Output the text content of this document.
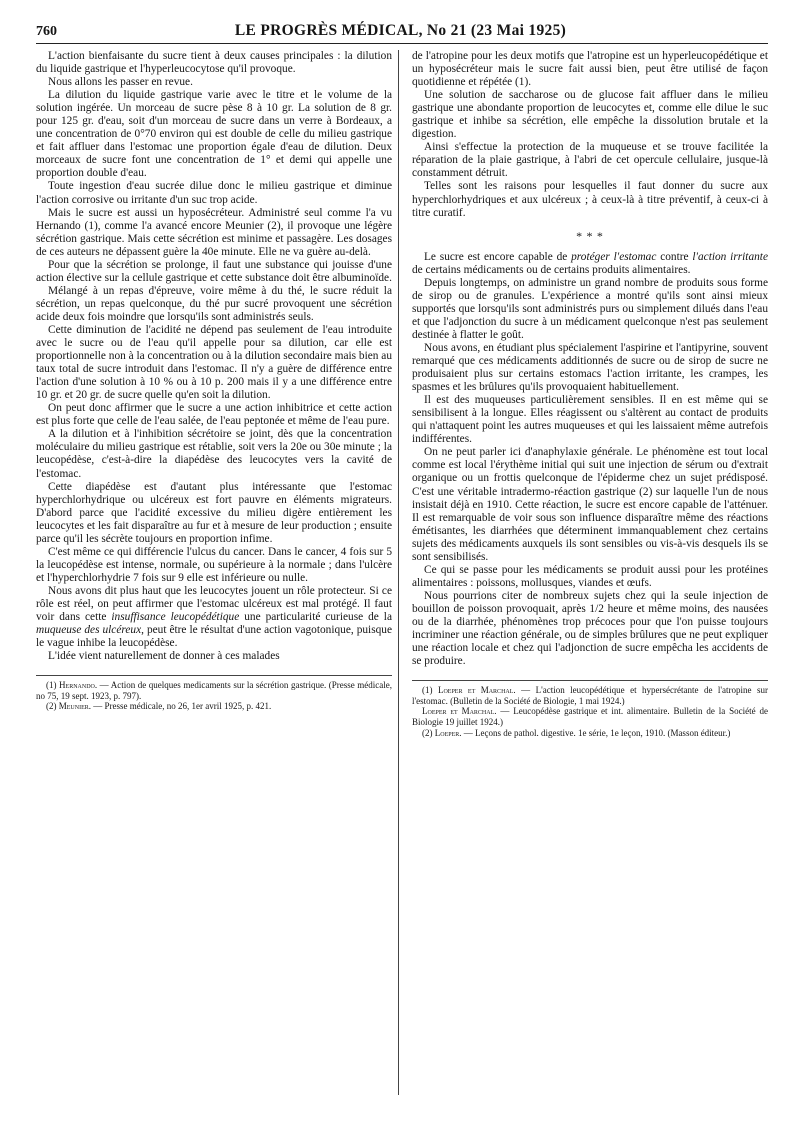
760	LE PROGRÈS MÉDICAL, No 21 (23 Mai 1925)

L'action bienfaisante du sucre tient à deux causes principales : la dilution du liquide gastrique et l'hyperleucocytose qu'il provoque.

Nous allons les passer en revue.

La dilution du liquide gastrique varie avec le titre et le volume de la solution ingérée. Un morceau de sucre pèse 8 à 10 gr. La solution de 8 gr. pour 125 gr. d'eau, soit d'un morceau de sucre dans un verre à Bordeaux, a une concentration de 0°70 environ qui est double de celle du milieu gastrique et fait affluer dans l'estomac une proportion égale d'eau de dilution. Deux morceaux de sucre font une concentration de 1° et demi qui appelle une proportion double d'eau.

Toute ingestion d'eau sucrée dilue donc le milieu gastrique et diminue l'action corrosive ou irritante d'un suc trop acide.

Mais le sucre est aussi un hyposécréteur. Administré seul comme l'a vu Hernando (1), comme l'a avancé encore Meunier (2), il provoque une légère sécrétion gastrique. Mais cette sécrétion est minime et passagère. Les dosages de ces auteurs ne dépassent guère la 40e minute. Elle ne va guère au-delà.

Pour que la sécrétion se prolonge, il faut une substance qui jouisse d'une action élective sur la cellule gastrique et cette substance doit être albuminoïde.

Mélangé à un repas d'épreuve, voire même à du thé, le sucre réduit la sécrétion, un repas quelconque, du thé pur sucré provoquent une sécrétion acide deux fois moindre que lorsqu'ils sont administrés seuls.

Cette diminution de l'acidité ne dépend pas seulement de l'eau introduite avec le sucre ou de l'eau qu'il appelle pour sa dilution, car elle est proportionnelle non à la concentration ou à la dilution secondaire mais bien au taux total de sucre introduit dans l'estomac. Il n'y a guère de différence entre l'action d'une solution à 10 % ou à 10 p. 200 mais il y a une différence entre 10 gr. et 20 gr. de sucre quelle qu'en soit la dilution.

On peut donc affirmer que le sucre a une action inhibitrice et cette action est plus forte que celle de l'eau salée, de l'eau peptonée et même de l'eau pure.

A la dilution et à l'inhibition sécrétoire se joint, dès que la concentration moléculaire du milieu gastrique est rétablie, soit vers la 20e ou 30e minute ; la leucopédèse, c'est-à-dire la diapédèse des leucocytes vers la cavité de l'estomac.

Cette diapédèse est d'autant plus intéressante que l'estomac hyperchlorhydrique ou ulcéreux est fort pauvre en éléments migrateurs. D'abord parce que l'acidité excessive du milieu digère entièrement les leucocytes et les fait disparaître au fur et à mesure de leur production ; ensuite parce qu'il les sécrète toujours en proportion infime.

C'est même ce qui différencie l'ulcus du cancer. Dans le cancer, 4 fois sur 5 la leucopédèse est intense, normale, ou supérieure à la normale ; dans l'ulcère et l'hyperchlorhydrie 7 fois sur 9 elle est inférieure ou nulle.

Nous avons dit plus haut que les leucocytes jouent un rôle protecteur. Si ce rôle est réel, on peut affirmer que l'estomac ulcéreux est mal protégé. Il faut voir dans cette insuffisance leucopédétique une particularité curieuse de la muqueuse des ulcéreux, peut être le résultat d'une action vagotonique, puisque le vague inhibe la leucopédèse.

L'idée vient naturellement de donner à ces malades

(1) Hernando. — Action de quelques medicaments sur la sécrétion gastrique. (Presse médicale, no 75, 19 sept. 1923, p. 797).

(2) Meunier. — Presse médicale, no 26, 1er avril 1925, p. 421.

de l'atropine pour les deux motifs que l'atropine est un hyperleucopédétique et un hyposécréteur mais le sucre fait aussi bien, peut être utilisé de façon quotidienne et répétée (1).

Une solution de saccharose ou de glucose fait affluer dans le milieu gastrique une abondante proportion de leucocytes et, comme elle dilue le suc gastrique et inhibe sa sécrétion, elle empêche la dissolution brutale et la digestion.

Ainsi s'effectue la protection de la muqueuse et se trouve facilitée la réparation de la plaie gastrique, à l'abri de cet opercule cellulaire, jusque-là constamment détruit.

Telles sont les raisons pour lesquelles il faut donner du sucre aux hyperchlorhydriques et aux ulcéreux ; à ceux-là à titre préventif, à ceux-ci à titre curatif.

* * *

Le sucre est encore capable de protéger l'estomac contre l'action irritante de certains médicaments ou de certains produits alimentaires.

Depuis longtemps, on administre un grand nombre de produits sous forme de sirop ou de granules. L'expérience a montré qu'ils sont ainsi mieux supportés que lorsqu'ils sont administrés purs ou simplement dilués dans l'eau et que l'adjonction du sucre à un médicament quelconque n'est pas seulement destinée à flatter le goût.

Nous avons, en étudiant plus spécialement l'aspirine et l'antipyrine, souvent remarqué que ces médicaments additionnés de sucre ou de sirop de sucre ne produisaient plus sur certains estomacs l'action irritante, les crampes, les spasmes et les brûlures qu'ils provoquaient habituellement.

Il est des muqueuses particulièrement sensibles. Il en est même qui se sensibilisent à la longue. Elles réagissent ou s'altèrent au contact de produits qui n'attaquent point les autres muqueuses et qui les laissaient même autrefois indifférentes.

On ne peut parler ici d'anaphylaxie générale. Le phénomène est tout local comme est local l'érythème initial qui suit une injection de sérum ou d'extrait organique ou un frottis quelconque de l'épiderme chez un sujet prédisposé. C'est une véritable intradermo-réaction gastrique (2) sur laquelle l'un de nous insistait déjà en 1910. Cette réaction, le sucre est encore capable de l'atténuer. Il est remarquable de voir sous son influence disparaître même des réactions émétisantes, les diarrhées que déterminent immanquablement chez certains sujets des médicaments auxquels ils sont sensibles ou vis-à-vis desquels ils se sont sensibilisés.

Ce qui se passe pour les médicaments se produit aussi pour les protéines alimentaires : poissons, mollusques, viandes et œufs.

Nous pourrions citer de nombreux sujets chez qui la seule injection de bouillon de poisson provoquait, après 1/2 heure et même moins, des nausées ou de la diarrhée, phénomènes trop précoces pour que l'on puisse toujours incriminer une réaction générale, ou de simples brûlures que ne peut expliquer une réaction locale et chez qui l'adjonction de sucre empêcha les accidents de se produire.

(1) Loeper et Marchal. — L'action leucopédétique et hypersécrétante de l'atropine sur l'estomac. (Bulletin de la Société de Biologie, 1 mai 1924.)

Loeper et Marchal. — Leucopédèse gastrique et int. alimentaire. Bulletin de la Société de Biologie 19 juillet 1924.)

(2) Loeper. — Leçons de pathol. digestive. 1e série, 1e leçon, 1910. (Masson éditeur.)
